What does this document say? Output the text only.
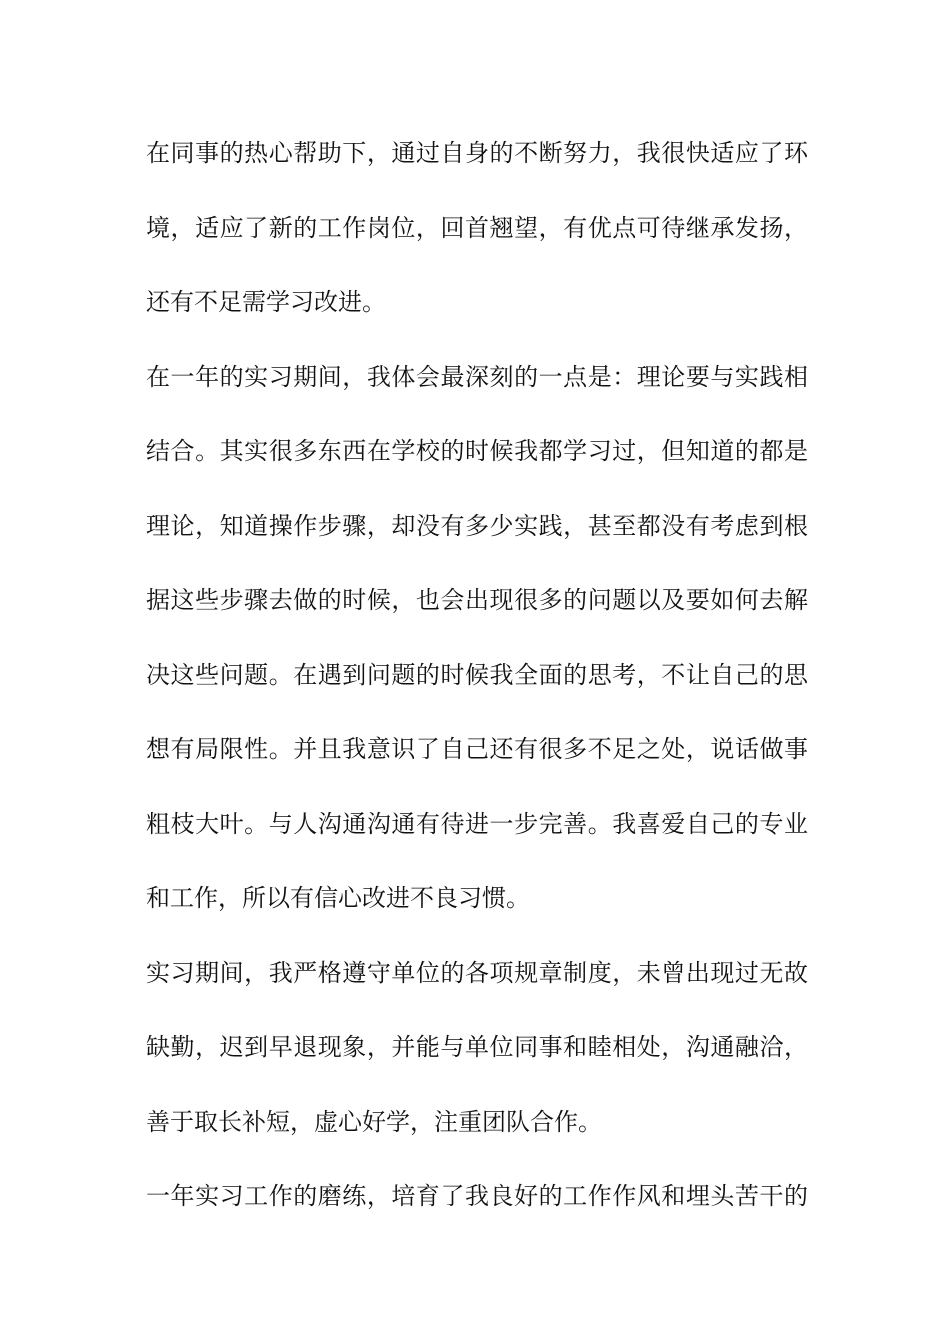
在同事的热心帮助下，通过自身的不断努力，我很快适应了环
境，适应了新的工作岗位，回首翘望，有优点可待继承发扬，
还有不足需学习改进。
在一年的实习期间，我体会最深刻的一点是：理论要与实践相
结合。其实很多东西在学校的时候我都学习过，但知道的都是
理论，知道操作步骤，却没有多少实践，甚至都没有考虑到根
据这些步骤去做的时候，也会出现很多的问题以及要如何去解
决这些问题。在遇到问题的时候我全面的思考，不让自己的思
想有局限性。并且我意识了自己还有很多不足之处，说话做事
粗枝大叶。与人沟通沟通有待进一步完善。我喜爱自己的专业
和工作，所以有信心改进不良习惯。
实习期间，我严格遵守单位的各项规章制度，未曾出现过无故
缺勤，迟到早退现象，并能与单位同事和睦相处，沟通融洽，
善于取长补短，虚心好学，注重团队合作。
一年实习工作的磨练，培育了我良好的工作作风和埋头苦干的
